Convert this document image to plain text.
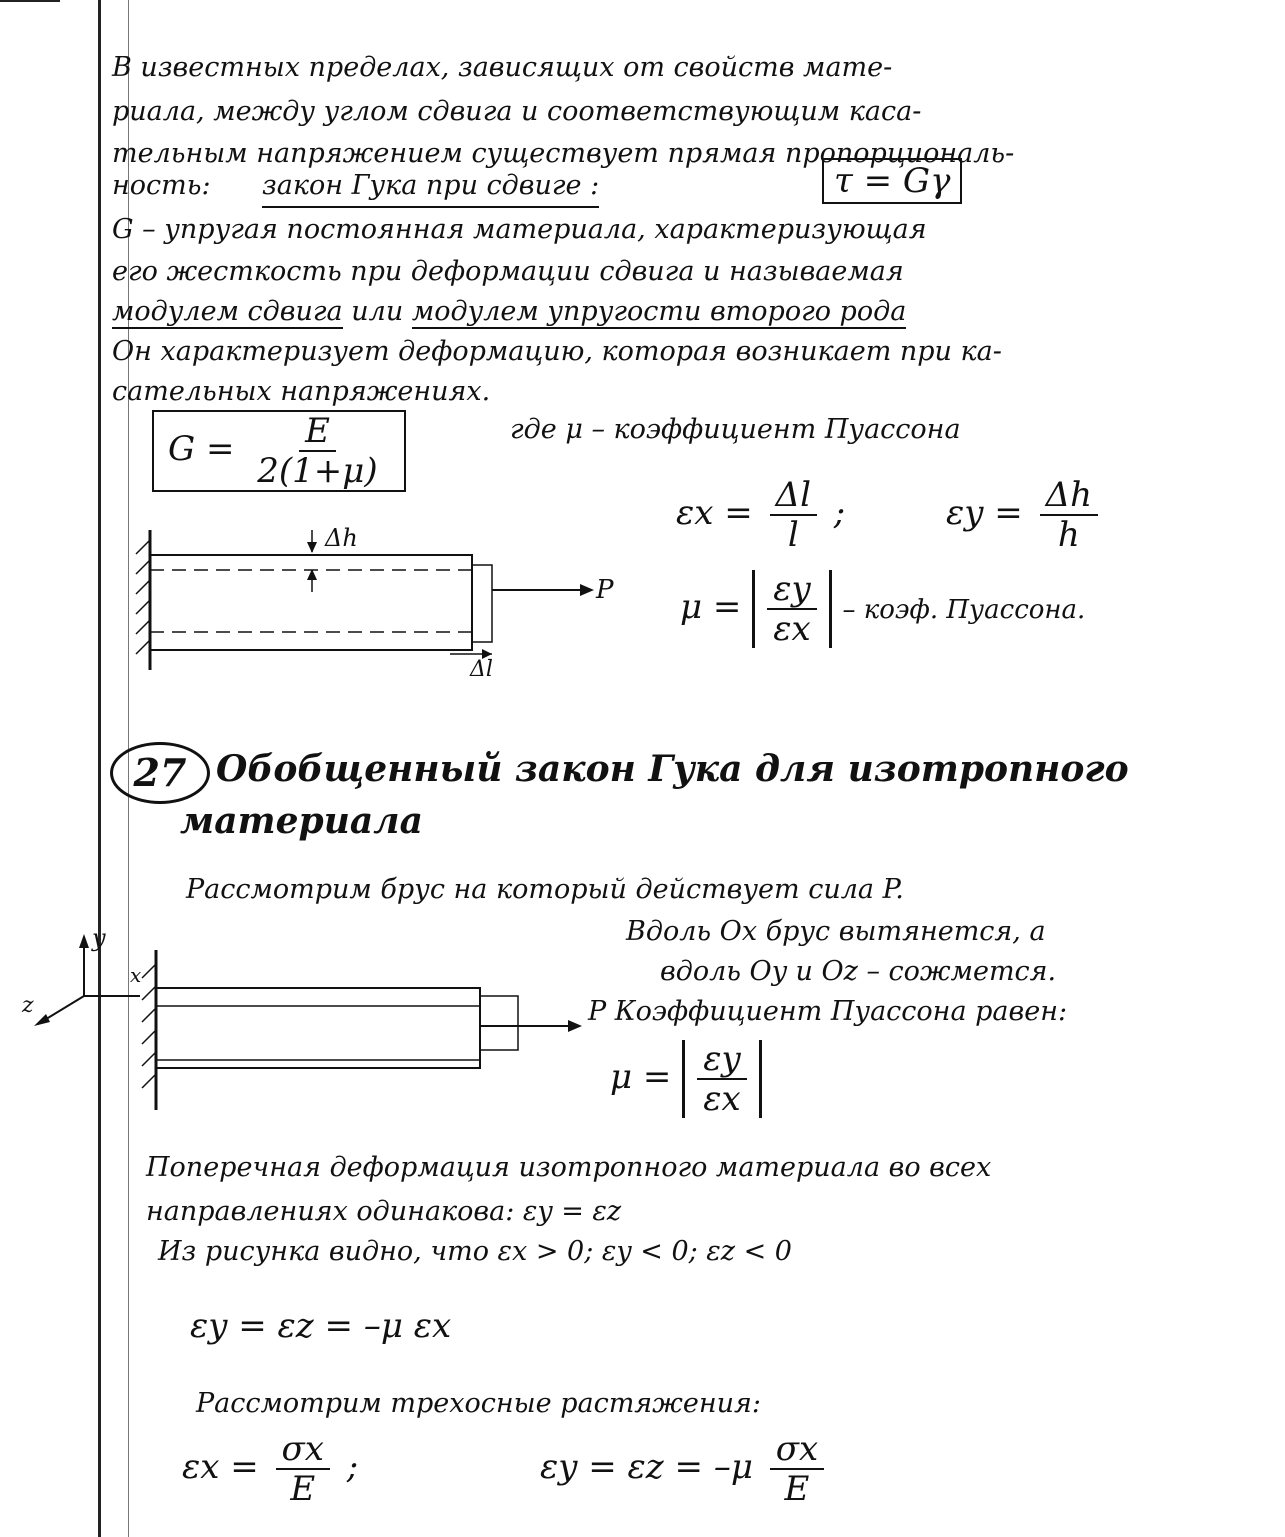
В известных пределах, зависящих от свойств мате-
риала, между углом сдвига и соответствующим каса-
тельным напряжением существует прямая пропорциональ-
ность: закон Гука при сдвиге :	τ = Gγ
G – упругая постоянная материала, характеризующая
его жесткость при деформации сдвига и называемая
модулем сдвига или модулем упругости второго рода
Он характеризует деформацию, которая возникает при ка-
сательных напряжениях.
$G = \frac{E}{2(1+\mu)}$	где μ – коэффициент Пуассона
$\varepsilon x = \frac{\Delta l}{l}$ ;	$\varepsilon y = \frac{\Delta h}{h}$
$\mu = \frac{\varepsilon y}{\varepsilon x}$ – коэф. Пуассона.
Δh
P
Δl
27 Обобщенный закон Гука для изотропного
материала
Рассмотрим брус на который действует сила P.
Вдоль Ox брус вытянется, а
вдоль Oy и Oz – сожмется.
P Коэффициент Пуассона равен:
y
x
z
$\mu = \frac{\varepsilon y}{\varepsilon x}$
Поперечная деформация изотропного материала во всех
направлениях одинакова: εy = εz
Из рисунка видно, что εx > 0; εy < 0; εz < 0
εy = εz = –μ εx
Рассмотрим трехосные растяжения:
$\varepsilon x = \frac{\sigma x}{E}$ ;	$\varepsilon y = \varepsilon z = -\mu \frac{\sigma x}{E}$
